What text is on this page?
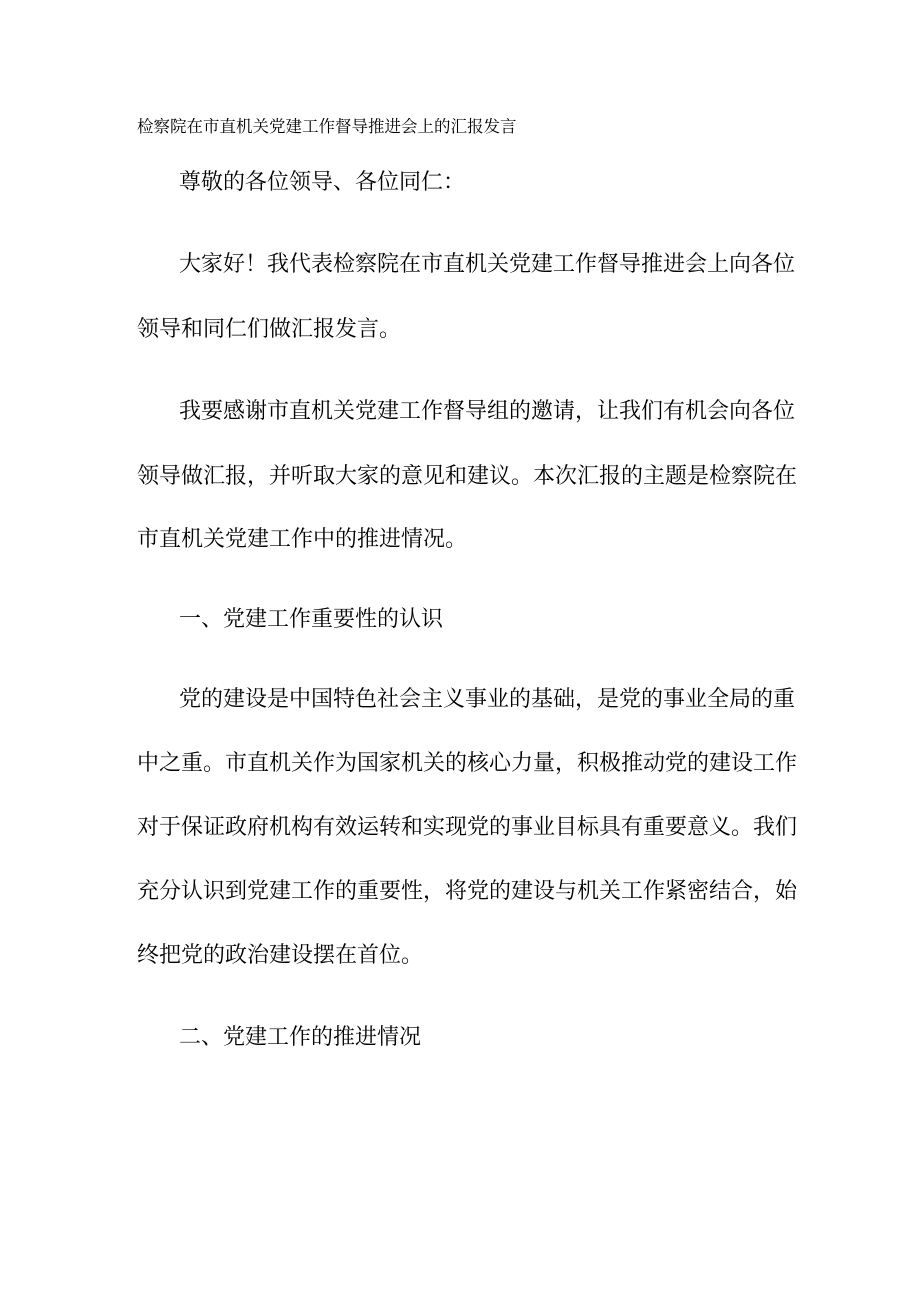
检察院在市直机关党建工作督导推进会上的汇报发言
尊敬的各位领导、各位同仁：
大家好！我代表检察院在市直机关党建工作督导推进会上向各位
领导和同仁们做汇报发言。
我要感谢市直机关党建工作督导组的邀请，让我们有机会向各位
领导做汇报，并听取大家的意见和建议。本次汇报的主题是检察院在
市直机关党建工作中的推进情况。
一、党建工作重要性的认识
党的建设是中国特色社会主义事业的基础，是党的事业全局的重
中之重。市直机关作为国家机关的核心力量，积极推动党的建设工作
对于保证政府机构有效运转和实现党的事业目标具有重要意义。我们
充分认识到党建工作的重要性，将党的建设与机关工作紧密结合，始
终把党的政治建设摆在首位。
二、党建工作的推进情况
